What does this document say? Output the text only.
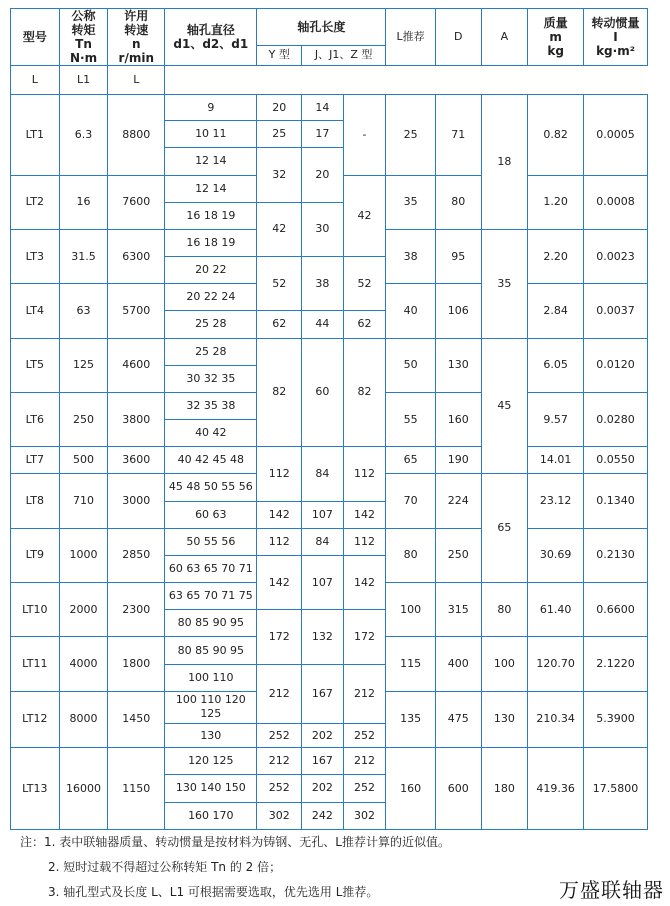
型号	公称
转矩
Tn
N·m	许用
转速
n
r/min	轴孔直径
d1、d2、d1	轴孔长度			L推荐	D	A	质量
m
kg	转动惯量
I
kg·m²
				Y 型	J、J1、Z 型						
L	L1	L									
LT1	6.3	8800	9	20	14	-	25	71	18	0.82	0.0005
			10 11	25	17						
			12 14	32	20						
LT2	16	7600	12 14			42	35	80		1.20	0.0008
			16 18 19	42	30						
LT3	31.5	6300	16 18 19				38	95	35	2.20	0.0023
			20 22	52	38	52					
LT4	63	5700	20 22 24				40	106		2.84	0.0037
			25 28	62	44	62					
LT5	125	4600	25 28	82	60	82	50	130	45	6.05	0.0120
			30 32 35								
LT6	250	3800	32 35 38				55	160		9.57	0.0280
			40 42								
LT7	500	3600	40 42 45 48	112	84	112	65	190		14.01	0.0550
LT8	710	3000	45 48 50 55 56				70	224	65	23.12	0.1340
			60 63	142	107	142					
LT9	1000	2850	50 55 56	112	84	112	80	250		30.69	0.2130
			60 63 65 70 71	142	107	142					
LT10	2000	2300	63 65 70 71 75				100	315	80	61.40	0.6600
			80 85 90 95	172	132	172					
LT11	4000	1800	80 85 90 95				115	400	100	120.70	2.1220
			100 110	212	167	212					
LT12	8000	1450	100 110 120 125				135	475	130	210.34	5.3900
			130	252	202	252					
LT13	16000	1150	120 125	212	167	212	160	600	180	419.36	17.5800
			130 140 150	252	202	252					
			160 170	302	242	302					
注：1. 表中联轴器质量、转动惯量是按材料为铸钢、无孔、L推荐计算的近似值。
2. 短时过载不得超过公称转矩 Tn 的 2 倍；
3. 轴孔型式及长度 L、L1 可根据需要选取，优先选用 L推荐。	万盛联轴器
